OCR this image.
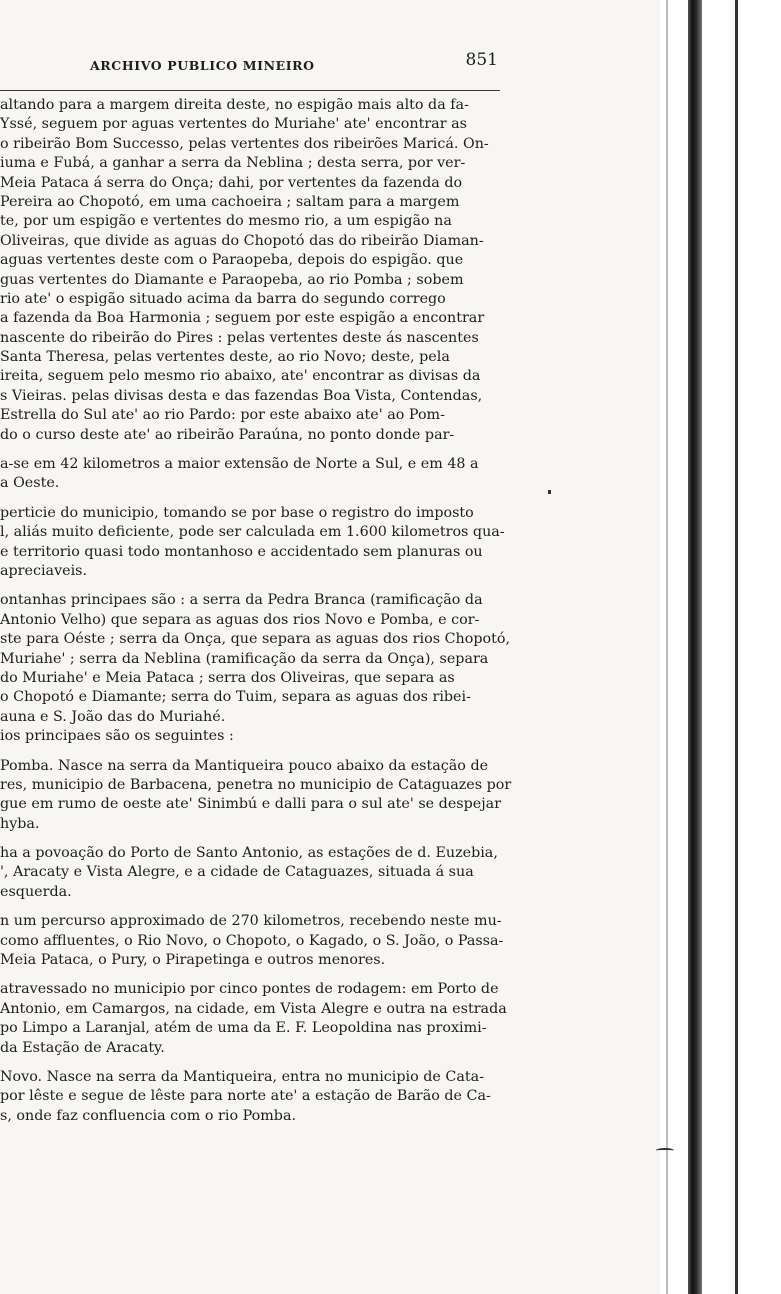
ARCHIVO PUBLICO MINEIRO	851
altando para a margem direita deste, no espigão mais alto da fa-
Yssé, seguem por aguas vertentes do Muriahe' ate' encontrar as
o ribeirão Bom Successo, pelas vertentes dos ribeirões Maricá. On-
iuma e Fubá, a ganhar a serra da Neblina ; desta serra, por ver-
Meia Pataca á serra do Onça; dahi, por vertentes da fazenda do
Pereira ao Chopotó, em uma cachoeira ; saltam para a margem
te, por um espigão e vertentes do mesmo rio, a um espigão na
Oliveiras, que divide as aguas do Chopotó das do ribeirão Diaman-
aguas vertentes deste com o Paraopeba, depois do espigão. que
guas vertentes do Diamante e Paraopeba, ao rio Pomba ; sobem
rio ate' o espigão situado acima da barra do segundo corrego
a fazenda da Boa Harmonia ; seguem por este espigão a encontrar
nascente do ribeirão do Pires : pelas vertentes deste ás nascentes
Santa Theresa, pelas vertentes deste, ao rio Novo; deste, pela
ireita, seguem pelo mesmo rio abaixo, ate' encontrar as divisas da
s Vieiras. pelas divisas desta e das fazendas Boa Vista, Contendas,
Estrella do Sul ate' ao rio Pardo: por este abaixo ate' ao Pom-
do o curso deste ate' ao ribeirão Paraúna, no ponto donde par-
a-se em 42 kilometros a maior extensão de Norte a Sul, e em 48 a
a Oeste.
perticie do municipio, tomando se por base o registro do imposto
l, aliás muito deficiente, pode ser calculada em 1.600 kilometros qua-
e territorio quasi todo montanhoso e accidentado sem planuras ou
apreciaveis.
ontanhas principaes são : a serra da Pedra Branca (ramificação da
Antonio Velho) que separa as aguas dos rios Novo e Pomba, e cor-
ste para Oéste ; serra da Onça, que separa as aguas dos rios Chopotó,
Muriahe' ; serra da Neblina (ramificação da serra da Onça), separa
do Muriahe' e Meia Pataca ; serra dos Oliveiras, que separa as
o Chopotó e Diamante; serra do Tuim, separa as aguas dos ribei-
auna e S. João das do Muriahé.
ios principaes são os seguintes :
Pomba. Nasce na serra da Mantiqueira pouco abaixo da estação de
res, municipio de Barbacena, penetra no municipio de Cataguazes por
gue em rumo de oeste ate' Sinimbú e dalli para o sul ate' se despejar
hyba.
ha a povoação do Porto de Santo Antonio, as estações de d. Euzebia,
', Aracaty e Vista Alegre, e a cidade de Cataguazes, situada á sua
esquerda.
n um percurso approximado de 270 kilometros, recebendo neste mu-
como affluentes, o Rio Novo, o Chopoto, o Kagado, o S. João, o Passa-
Meia Pataca, o Pury, o Pirapetinga e outros menores.
atravessado no municipio por cinco pontes de rodagem: em Porto de
Antonio, em Camargos, na cidade, em Vista Alegre e outra na estrada
po Limpo a Laranjal, atém de uma da E. F. Leopoldina nas proximi-
da Estação de Aracaty.
Novo. Nasce na serra da Mantiqueira, entra no municipio de Cata-
por lêste e segue de lêste para norte ate' a estação de Barão de Ca-
s, onde faz confluencia com o rio Pomba.
